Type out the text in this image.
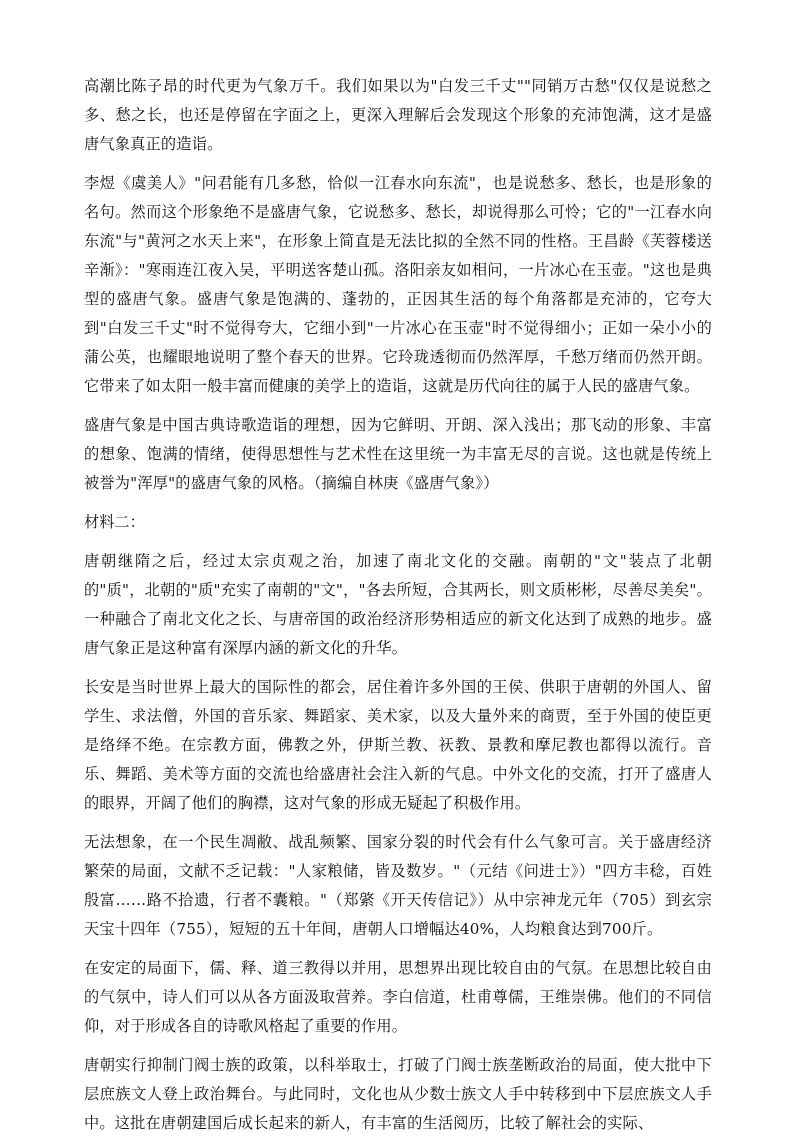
高潮比陈子昂的时代更为气象万千。我们如果以为"白发三千丈""同销万古愁"仅仅是说愁之多、愁之长，也还是停留在字面之上，更深入理解后会发现这个形象的充沛饱满，这才是盛唐气象真正的造诣。

李煜《虞美人》"问君能有几多愁，恰似一江春水向东流"，也是说愁多、愁长，也是形象的名句。然而这个形象绝不是盛唐气象，它说愁多、愁长，却说得那么可怜；它的"一江春水向东流"与"黄河之水天上来"，在形象上简直是无法比拟的全然不同的性格。王昌龄《芙蓉楼送辛渐》："寒雨连江夜入吴，平明送客楚山孤。洛阳亲友如相问，一片冰心在玉壶。"这也是典型的盛唐气象。盛唐气象是饱满的、蓬勃的，正因其生活的每个角落都是充沛的，它夸大到"白发三千丈"时不觉得夸大，它细小到"一片冰心在玉壶"时不觉得细小；正如一朵小小的蒲公英，也耀眼地说明了整个春天的世界。它玲珑透彻而仍然浑厚，千愁万绪而仍然开朗。它带来了如太阳一般丰富而健康的美学上的造诣，这就是历代向往的属于人民的盛唐气象。

盛唐气象是中国古典诗歌造诣的理想，因为它鲜明、开朗、深入浅出；那飞动的形象、丰富的想象、饱满的情绪，使得思想性与艺术性在这里统一为丰富无尽的言说。这也就是传统上被誉为"浑厚"的盛唐气象的风格。（摘编自林庚《盛唐气象》）

材料二：

唐朝继隋之后，经过太宗贞观之治，加速了南北文化的交融。南朝的"文"装点了北朝的"质"，北朝的"质"充实了南朝的"文"，"各去所短，合其两长，则文质彬彬，尽善尽美矣"。一种融合了南北文化之长、与唐帝国的政治经济形势相适应的新文化达到了成熟的地步。盛唐气象正是这种富有深厚内涵的新文化的升华。

长安是当时世界上最大的国际性的都会，居住着许多外国的王侯、供职于唐朝的外国人、留学生、求法僧，外国的音乐家、舞蹈家、美术家，以及大量外来的商贾，至于外国的使臣更是络绎不绝。在宗教方面，佛教之外，伊斯兰教、祆教、景教和摩尼教也都得以流行。音乐、舞蹈、美术等方面的交流也给盛唐社会注入新的气息。中外文化的交流，打开了盛唐人的眼界，开阔了他们的胸襟，这对气象的形成无疑起了积极作用。

无法想象，在一个民生凋敝、战乱频繁、国家分裂的时代会有什么气象可言。关于盛唐经济繁荣的局面，文献不乏记载："人家粮储，皆及数岁。"（元结《问进士》）"四方丰稔，百姓殷富……路不拾遗，行者不囊粮。"（郑綮《开天传信记》）从中宗神龙元年（705）到玄宗天宝十四年（755），短短的五十年间，唐朝人口增幅达40%，人均粮食达到700斤。

在安定的局面下，儒、释、道三教得以并用，思想界出现比较自由的气氛。在思想比较自由的气氛中，诗人们可以从各方面汲取营养。李白信道，杜甫尊儒，王维崇佛。他们的不同信仰，对于形成各自的诗歌风格起了重要的作用。

唐朝实行抑制门阀士族的政策，以科举取士，打破了门阀士族垄断政治的局面，使大批中下层庶族文人登上政治舞台。与此同时，文化也从少数士族文人手中转移到中下层庶族文人手中。这批在唐朝建国后成长起来的新人，有丰富的生活阅历，比较了解社会的实际、
